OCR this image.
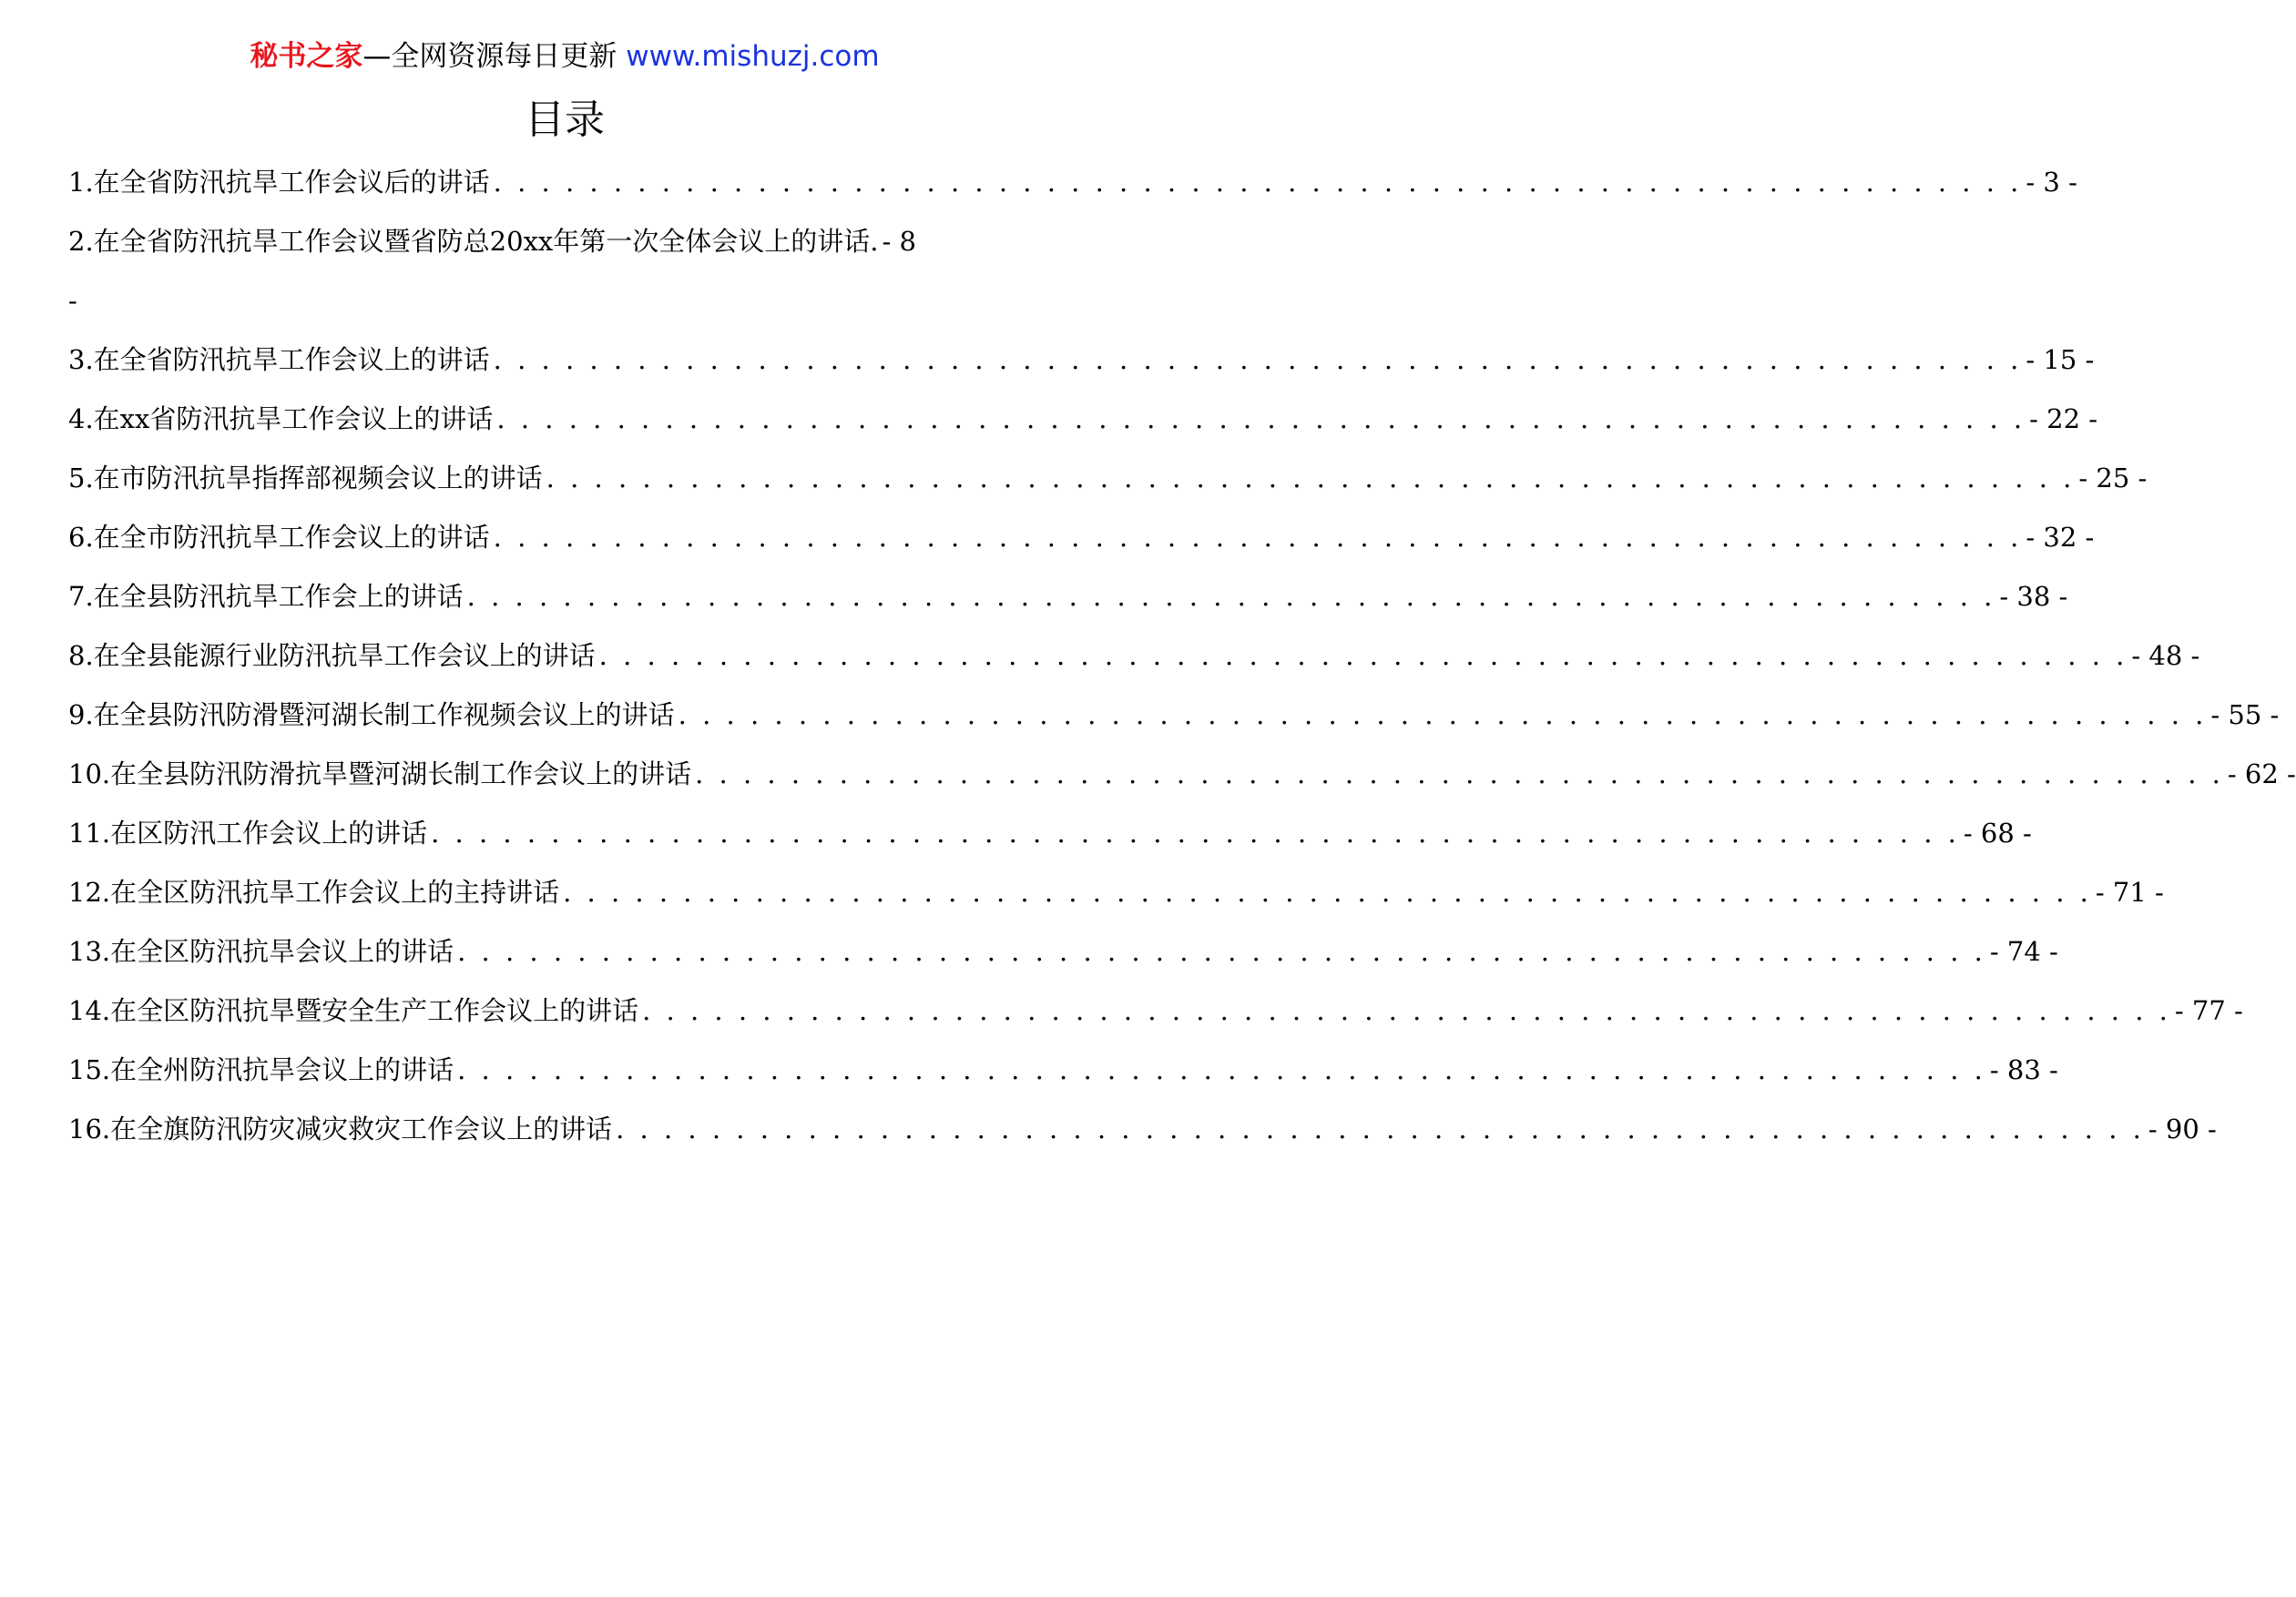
秘书之家—全网资源每日更新 www.mishuzj.com
目录
1.在全省防汛抗旱工作会议后的讲话 . . . . . . . . . . . . . . . . . . . . . . . . . . . . . . . . . . . . . . . . . . . . . . . . . . . . . . . . . . . . . . . . - 3 -
2.在全省防汛抗旱工作会议暨省防总20xx年第一次全体会议上的讲话 . - 8
-
3.在全省防汛抗旱工作会议上的讲话 . . . . . . . . . . . . . . . . . . . . . . . . . . . . . . . . . . . . . . . . . . . . . . . . . . . . . . . . . . . . . . . . - 15 -
4.在xx省防汛抗旱工作会议上的讲话 . . . . . . . . . . . . . . . . . . . . . . . . . . . . . . . . . . . . . . . . . . . . . . . . . . . . . . . . . . . . . . . . - 22 -
5.在市防汛抗旱指挥部视频会议上的讲话 . . . . . . . . . . . . . . . . . . . . . . . . . . . . . . . . . . . . . . . . . . . . . . . . . . . . . . . . . . . . . . . . - 25 -
6.在全市防汛抗旱工作会议上的讲话 . . . . . . . . . . . . . . . . . . . . . . . . . . . . . . . . . . . . . . . . . . . . . . . . . . . . . . . . . . . . . . . . - 32 -
7.在全县防汛抗旱工作会上的讲话 . . . . . . . . . . . . . . . . . . . . . . . . . . . . . . . . . . . . . . . . . . . . . . . . . . . . . . . . . . . . . . . . - 38 -
8.在全县能源行业防汛抗旱工作会议上的讲话 . . . . . . . . . . . . . . . . . . . . . . . . . . . . . . . . . . . . . . . . . . . . . . . . . . . . . . . . . . . . . . . . - 48 -
9.在全县防汛防滑暨河湖长制工作视频会议上的讲话 . . . . . . . . . . . . . . . . . . . . . . . . . . . . . . . . . . . . . . . . . . . . . . . . . . . . . . . . . . . . . . . . - 55 -
10.在全县防汛防滑抗旱暨河湖长制工作会议上的讲话 . . . . . . . . . . . . . . . . . . . . . . . . . . . . . . . . . . . . . . . . . . . . . . . . . . . . . . . . . . . . . . . . - 62 -
11.在区防汛工作会议上的讲话 . . . . . . . . . . . . . . . . . . . . . . . . . . . . . . . . . . . . . . . . . . . . . . . . . . . . . . . . . . . . . . . . - 68 -
12.在全区防汛抗旱工作会议上的主持讲话 . . . . . . . . . . . . . . . . . . . . . . . . . . . . . . . . . . . . . . . . . . . . . . . . . . . . . . . . . . . . . . . . - 71 -
13.在全区防汛抗旱会议上的讲话 . . . . . . . . . . . . . . . . . . . . . . . . . . . . . . . . . . . . . . . . . . . . . . . . . . . . . . . . . . . . . . . . - 74 -
14.在全区防汛抗旱暨安全生产工作会议上的讲话 . . . . . . . . . . . . . . . . . . . . . . . . . . . . . . . . . . . . . . . . . . . . . . . . . . . . . . . . . . . . . . . . - 77 -
15.在全州防汛抗旱会议上的讲话 . . . . . . . . . . . . . . . . . . . . . . . . . . . . . . . . . . . . . . . . . . . . . . . . . . . . . . . . . . . . . . . . - 83 -
16.在全旗防汛防灾减灾救灾工作会议上的讲话 . . . . . . . . . . . . . . . . . . . . . . . . . . . . . . . . . . . . . . . . . . . . . . . . . . . . . . . . . . . . . . . . - 90 -
